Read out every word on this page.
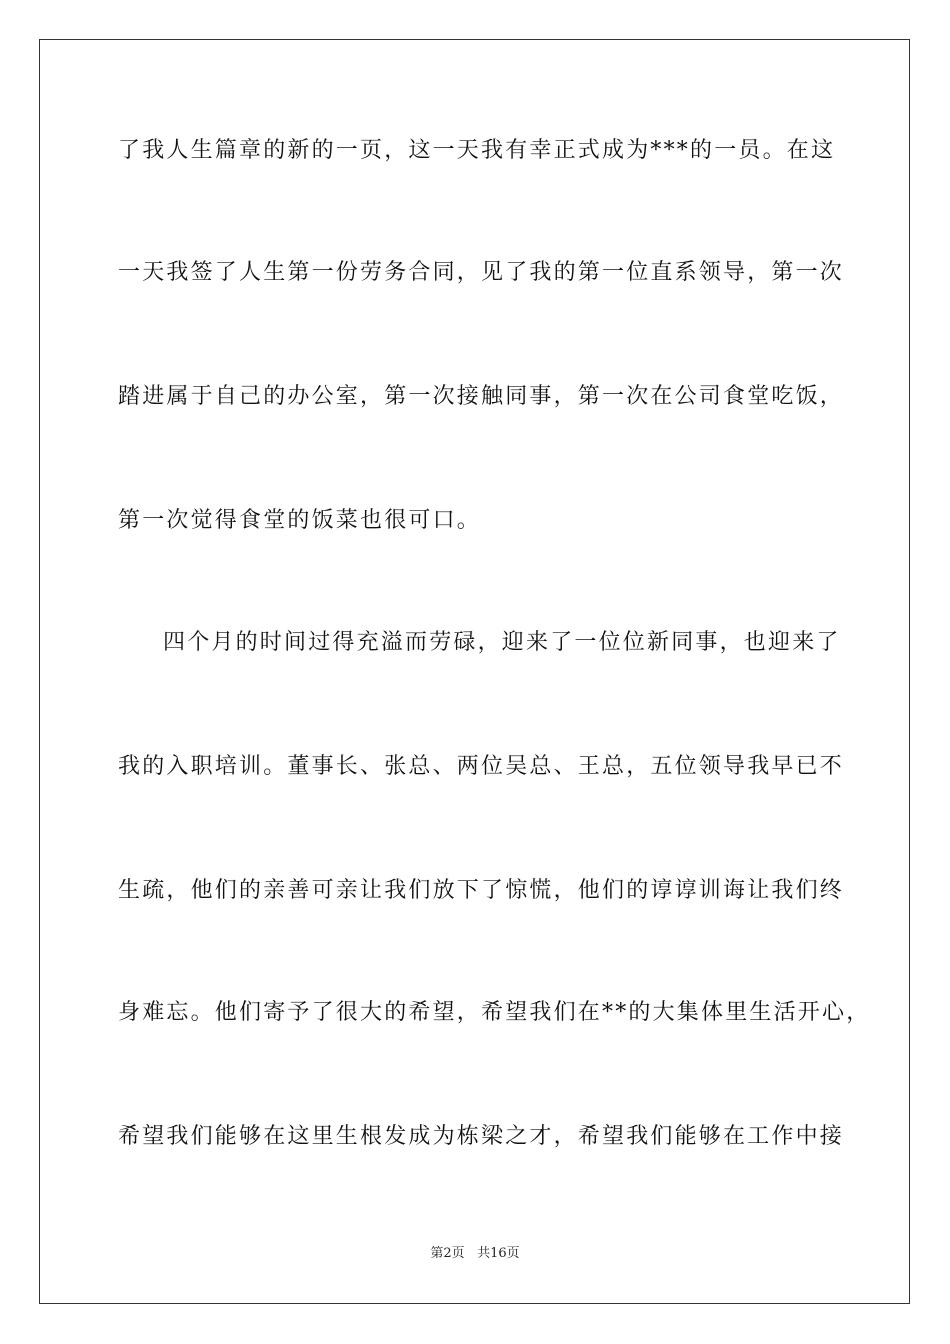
了我人生篇章的新的一页，这一天我有幸正式成为***的一员。在这
一天我签了人生第一份劳务合同，见了我的第一位直系领导，第一次
踏进属于自己的办公室，第一次接触同事，第一次在公司食堂吃饭，
第一次觉得食堂的饭菜也很可口。
四个月的时间过得充溢而劳碌，迎来了一位位新同事，也迎来了
我的入职培训。董事长、张总、两位吴总、王总，五位领导我早已不
生疏，他们的亲善可亲让我们放下了惊慌，他们的谆谆训诲让我们终
身难忘。他们寄予了很大的希望，希望我们在**的大集体里生活开心，
希望我们能够在这里生根发成为栋梁之才，希望我们能够在工作中接
第2页 共16页
